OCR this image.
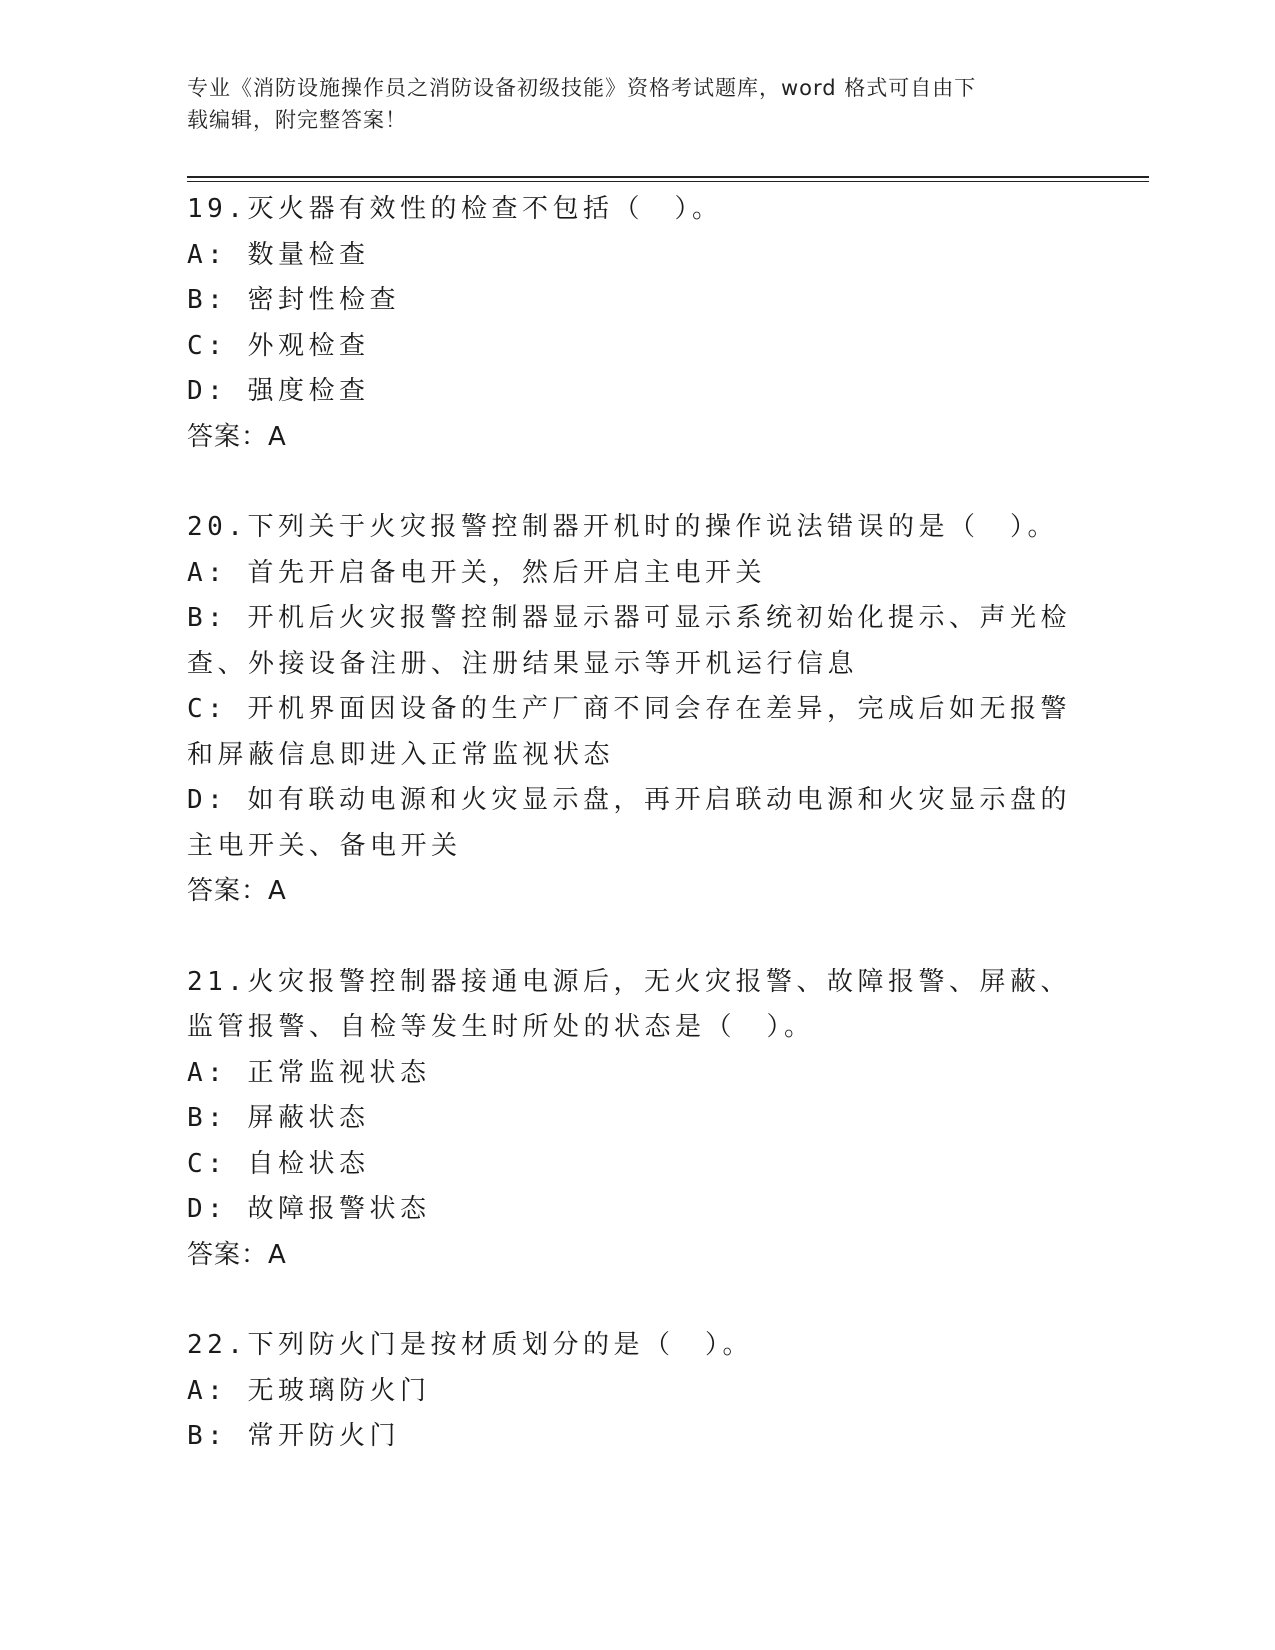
专业《消防设施操作员之消防设备初级技能》资格考试题库，word 格式可自由下
载编辑，附完整答案！
19.灭火器有效性的检查不包括（　）。
A: 数量检查
B: 密封性检查
C: 外观检查
D: 强度检查
答案：A
20.下列关于火灾报警控制器开机时的操作说法错误的是（　）。
A: 首先开启备电开关，然后开启主电开关
B: 开机后火灾报警控制器显示器可显示系统初始化提示、声光检查、外接设备注册、注册结果显示等开机运行信息
C: 开机界面因设备的生产厂商不同会存在差异，完成后如无报警和屏蔽信息即进入正常监视状态
D: 如有联动电源和火灾显示盘，再开启联动电源和火灾显示盘的主电开关、备电开关
答案：A
21.火灾报警控制器接通电源后，无火灾报警、故障报警、屏蔽、监管报警、自检等发生时所处的状态是（　）。
A: 正常监视状态
B: 屏蔽状态
C: 自检状态
D: 故障报警状态
答案：A
22.下列防火门是按材质划分的是（　）。
A: 无玻璃防火门
B: 常开防火门
